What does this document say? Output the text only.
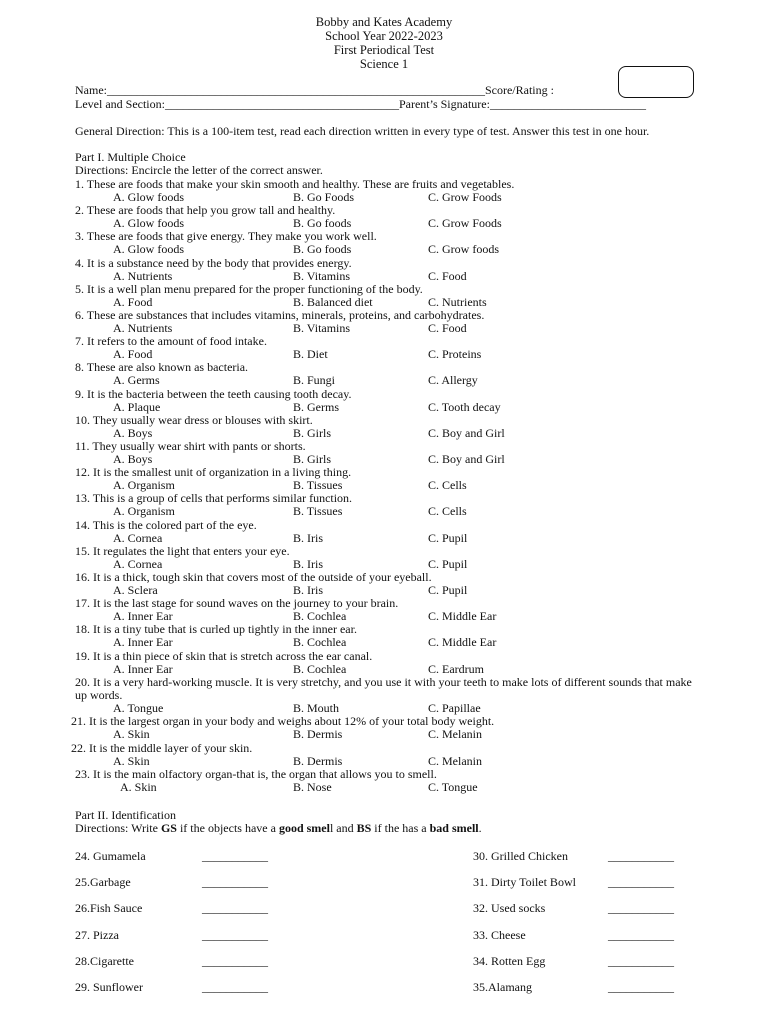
Bobby and Kates Academy
School Year 2022-2023
First Periodical Test
Science 1
Name:_______________________________________________________________Score/Rating :
Level and Section:_______________________________________Parent’s Signature:__________________________
General Direction: This is a 100-item test, read each direction written in every type of test. Answer this test in one hour.
Part I. Multiple Choice
Directions: Encircle the letter of the correct answer.
1. These are foods that make your skin smooth and healthy. These are fruits and vegetables.
A. Glow foods	B. Go Foods	C. Grow Foods
2. These are foods that help you grow tall and healthy.
A. Glow foods	B. Go foods	C. Grow Foods
3. These are foods that give energy. They make you work well.
A. Glow foods	B. Go foods	C. Grow foods
4. It is a substance need by the body that provides energy.
A. Nutrients	B. Vitamins	C. Food
5. It is a well plan menu prepared for the proper functioning of the body.
A. Food	B. Balanced diet	C. Nutrients
6. These are substances that includes vitamins, minerals, proteins, and carbohydrates.
A. Nutrients	B. Vitamins	C. Food
7. It refers to the amount of food intake.
A. Food	B. Diet	C. Proteins
8. These are also known as bacteria.
A. Germs	B. Fungi	C. Allergy
9. It is the bacteria between the teeth causing tooth decay.
A. Plaque	B. Germs	C. Tooth decay
10. They usually wear dress or blouses with skirt.
A. Boys	B. Girls	C. Boy and Girl
11. They usually wear shirt with pants or shorts.
A. Boys	B. Girls	C. Boy and Girl
12. It is the smallest unit of organization in a living thing.
A. Organism	B. Tissues	C. Cells
13. This is a group of cells that performs similar function.
A. Organism	B. Tissues	C. Cells
14. This is the colored part of the eye.
A. Cornea	B. Iris	C. Pupil
15. It regulates the light that enters your eye.
A. Cornea	B. Iris	C. Pupil
16. It is a thick, tough skin that covers most of the outside of your eyeball.
A. Sclera	B. Iris	C. Pupil
17. It is the last stage for sound waves on the journey to your brain.
A. Inner Ear	B. Cochlea	C. Middle Ear
18. It is a tiny tube that is curled up tightly in the inner ear.
A. Inner Ear	B. Cochlea	C. Middle Ear
19. It is a thin piece of skin that is stretch across the ear canal.
A. Inner Ear	B. Cochlea	C. Eardrum
20. It is a very hard-working muscle. It is very stretchy, and you use it with your teeth to make lots of different sounds that make up words.
A. Tongue	B. Mouth	C. Papillae
21. It is the largest organ in your body and weighs about 12% of your total body weight.
A. Skin	B. Dermis	C. Melanin
22. It is the middle layer of your skin.
A. Skin	B. Dermis	C. Melanin
23. It is the main olfactory organ-that is, the organ that allows you to smell.
A. Skin	B. Nose	C. Tongue
Part II. Identification
Directions: Write GS if the objects have a good smell and BS if the has a bad smell.
24. Gumamela	___________
25.Garbage	___________
26.Fish Sauce	___________
27. Pizza	___________
28.Cigarette	___________
29. Sunflower	___________
30. Grilled Chicken	___________
31. Dirty Toilet Bowl	___________
32. Used socks	___________
33. Cheese	___________
34. Rotten Egg	___________
35.Alamang	___________
